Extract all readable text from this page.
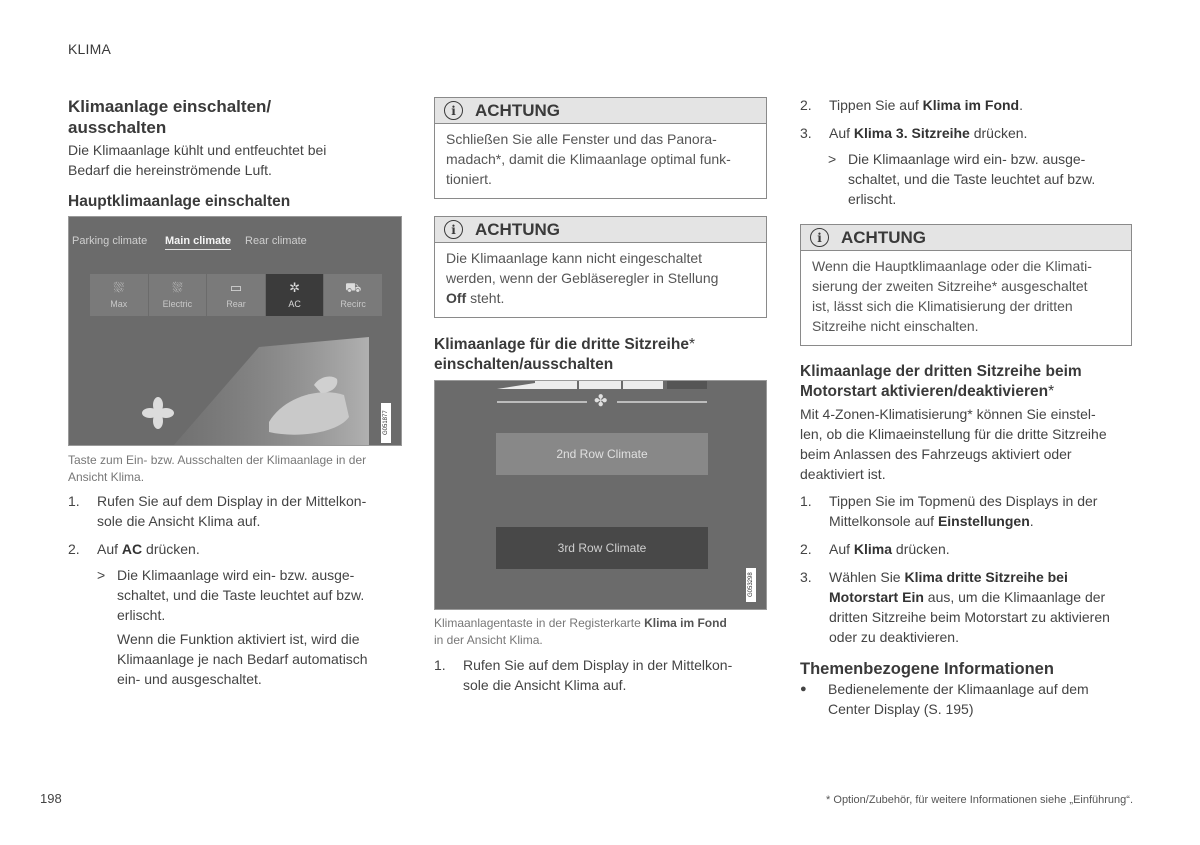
KLIMA
Klimaanlage einschalten/
ausschalten
Die Klimaanlage kühlt und entfeuchtet bei
Bedarf die hereinströmende Luft.
Hauptklimaanlage einschalten
Parking climate Main climate Rear climate
⛆
Max
⛆
Electric
▭
Rear
✲
AC
⛟
Recirc
G051877
Taste zum Ein- bzw. Ausschalten der Klimaanlage in der
Ansicht Klima.
1.	Rufen Sie auf dem Display in der Mittelkon-
sole die Ansicht Klima auf.
2.	Auf AC drücken.
> Die Klimaanlage wird ein- bzw. ausge-
schaltet, und die Taste leuchtet auf bzw.
erlischt.
Wenn die Funktion aktiviert ist, wird die
Klimaanlage je nach Bedarf automatisch
ein- und ausgeschaltet.
i	ACHTUNG
Schließen Sie alle Fenster und das Panora-
madach*, damit die Klimaanlage optimal funk-
tioniert.
i	ACHTUNG
Die Klimaanlage kann nicht eingeschaltet
werden, wenn der Gebläseregler in Stellung
Off steht.
Klimaanlage für die dritte Sitzreihe*
einschalten/ausschalten
✤
2nd Row Climate
3rd Row Climate
G053298
Klimaanlagentaste in der Registerkarte Klima im Fond
in der Ansicht Klima.
1.	Rufen Sie auf dem Display in der Mittelkon-
sole die Ansicht Klima auf.
2.	Tippen Sie auf Klima im Fond.
3.	Auf Klima 3. Sitzreihe drücken.
> Die Klimaanlage wird ein- bzw. ausge-
schaltet, und die Taste leuchtet auf bzw.
erlischt.
i	ACHTUNG
Wenn die Hauptklimaanlage oder die Klimati-
sierung der zweiten Sitzreihe* ausgeschaltet
ist, lässt sich die Klimatisierung der dritten
Sitzreihe nicht einschalten.
Klimaanlage der dritten Sitzreihe beim
Motorstart aktivieren/deaktivieren*
Mit 4-Zonen-Klimatisierung* können Sie einstel-
len, ob die Klimaeinstellung für die dritte Sitzreihe
beim Anlassen des Fahrzeugs aktiviert oder
deaktiviert ist.
1.	Tippen Sie im Topmenü des Displays in der
Mittelkonsole auf Einstellungen.
2.	Auf Klima drücken.
3.	Wählen Sie Klima dritte Sitzreihe bei
Motorstart Ein aus, um die Klimaanlage der
dritten Sitzreihe beim Motorstart zu aktivieren
oder zu deaktivieren.
Themenbezogene Informationen
●	Bedienelemente der Klimaanlage auf dem
Center Display (S. 195)
198	* Option/Zubehör, für weitere Informationen siehe „Einführung“.
